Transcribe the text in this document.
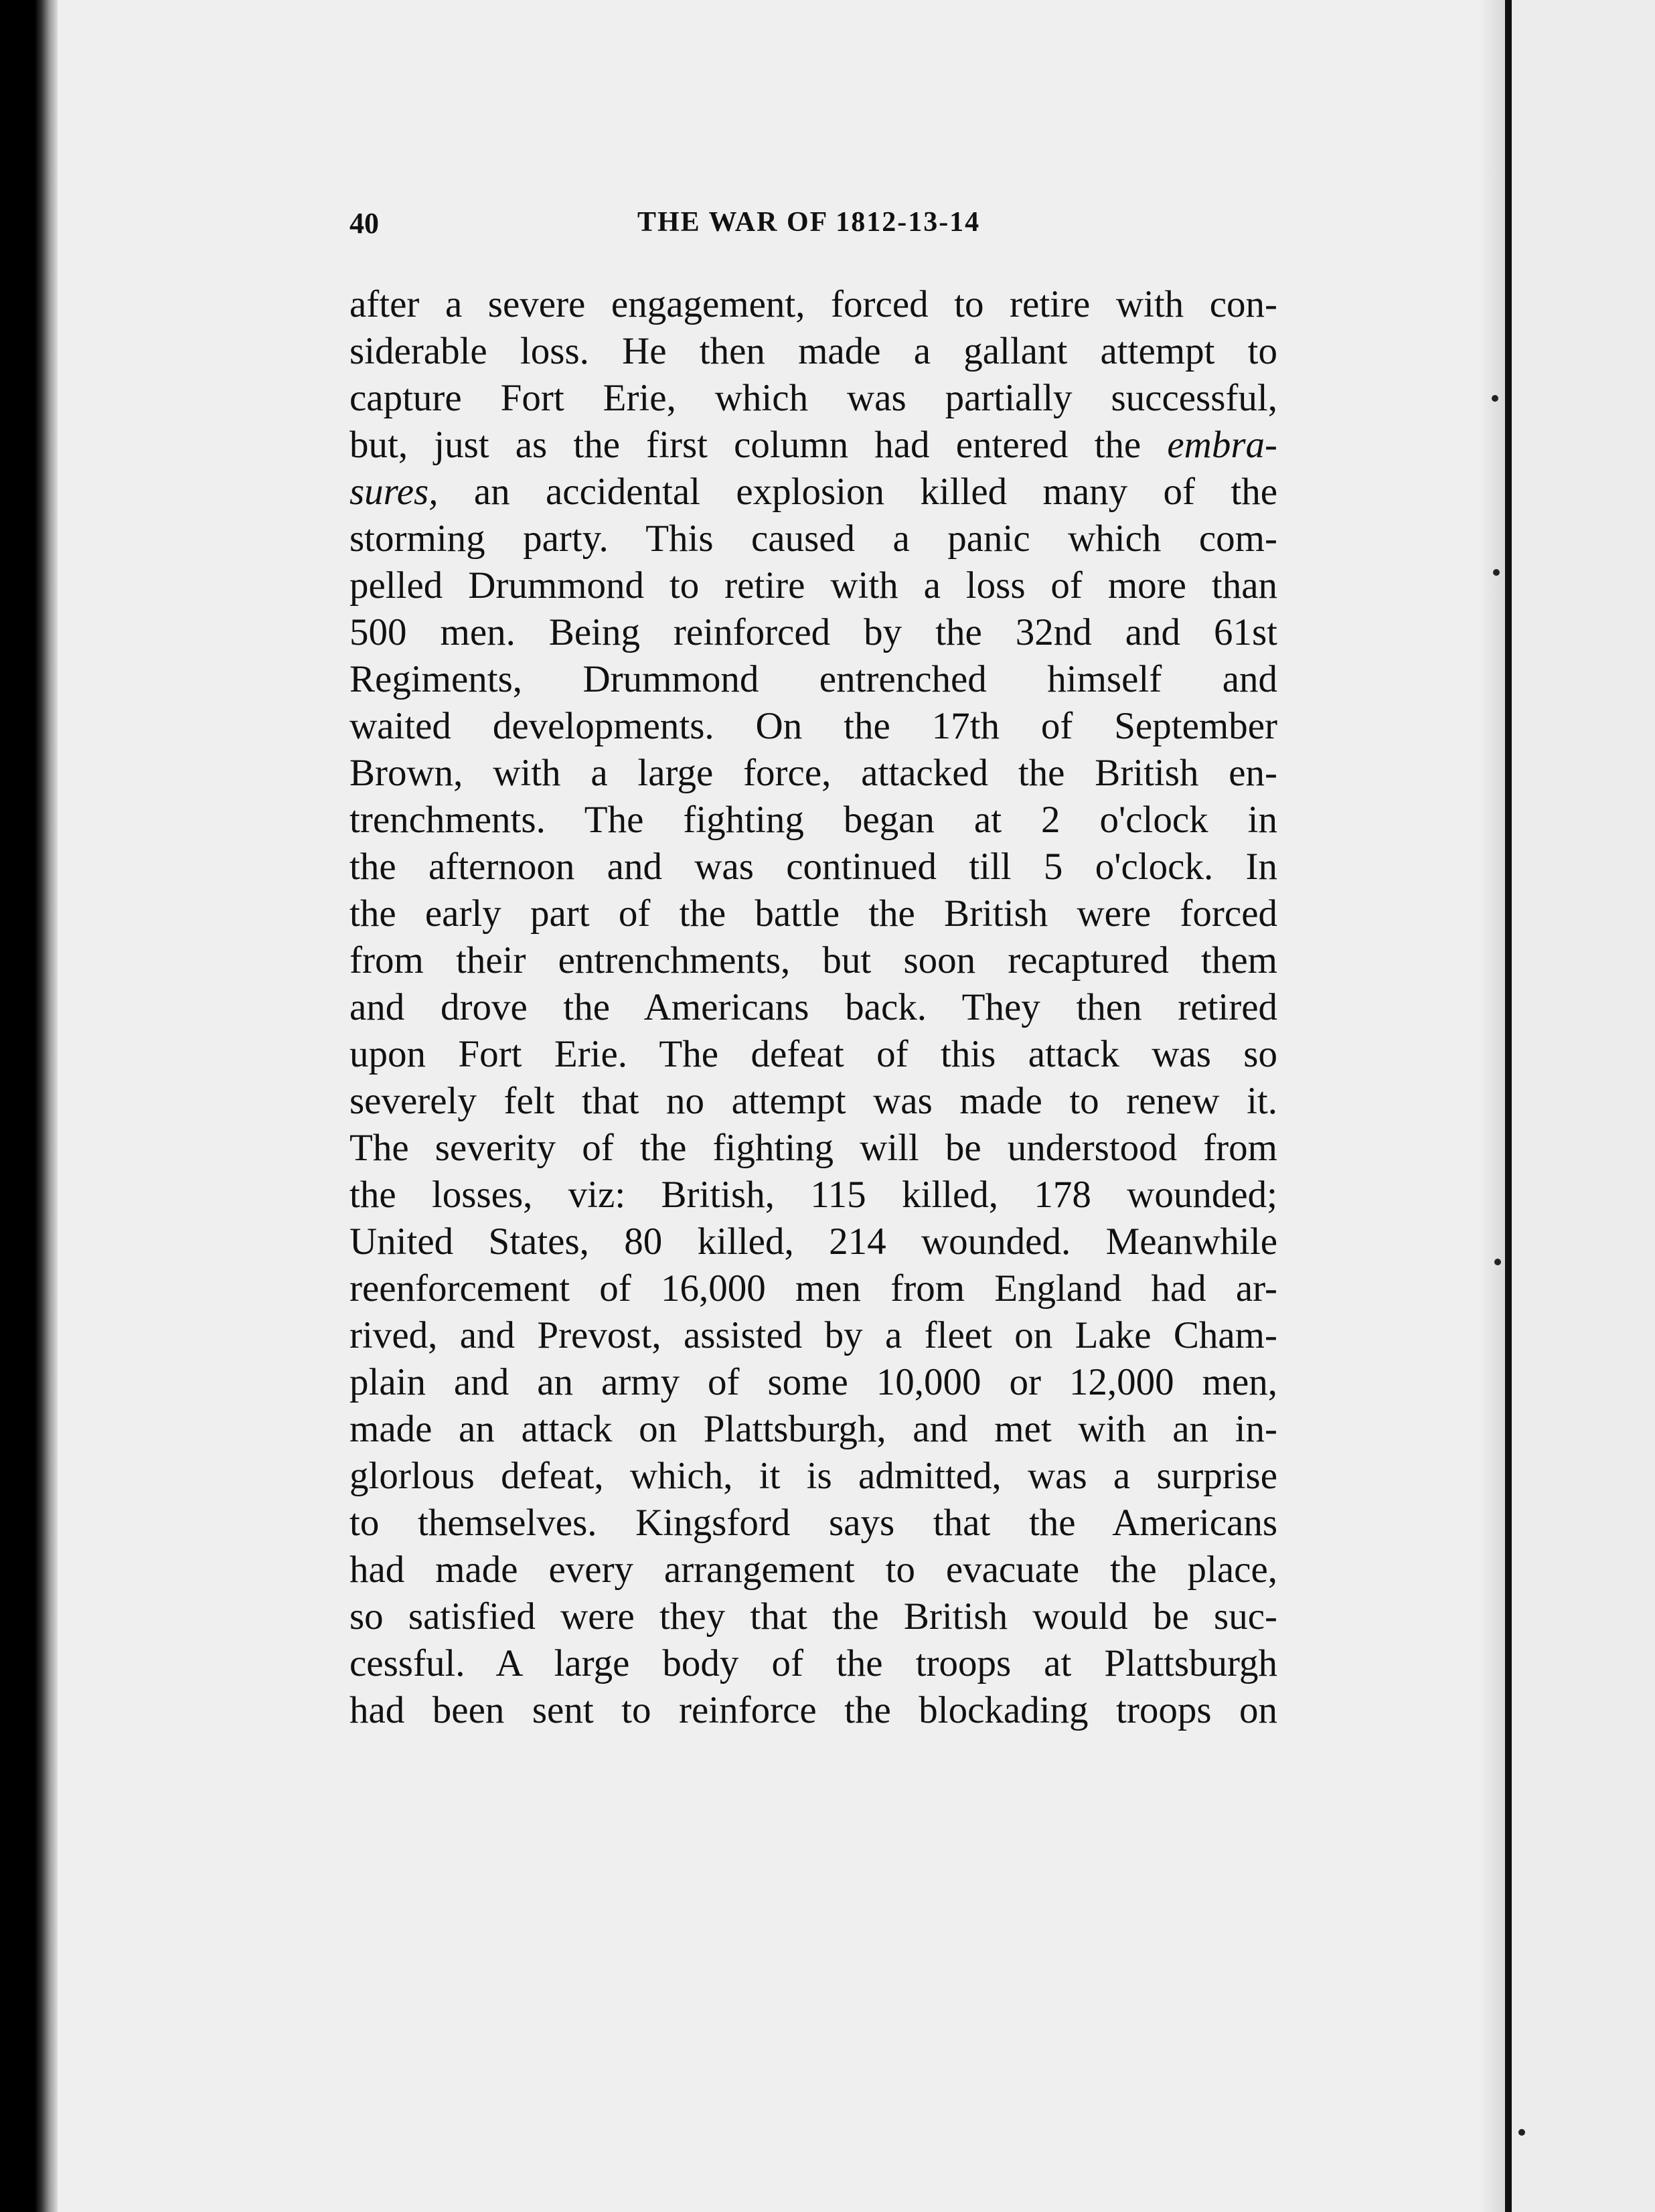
40	THE WAR OF 1812-13-14
after a severe engagement, forced to retire with con-
siderable loss. He then made a gallant attempt to
capture Fort Erie, which was partially successful,
but, just as the first column had entered the embra-
sures, an accidental explosion killed many of the
storming party. This caused a panic which com-
pelled Drummond to retire with a loss of more than
500 men. Being reinforced by the 32nd and 61st
Regiments, Drummond entrenched himself and
waited developments. On the 17th of September
Brown, with a large force, attacked the British en-
trenchments. The fighting began at 2 o'clock in
the afternoon and was continued till 5 o'clock. In
the early part of the battle the British were forced
from their entrenchments, but soon recaptured them
and drove the Americans back. They then retired
upon Fort Erie. The defeat of this attack was so
severely felt that no attempt was made to renew it.
The severity of the fighting will be understood from
the losses, viz: British, 115 killed, 178 wounded;
United States, 80 killed, 214 wounded. Meanwhile
reenforcement of 16,000 men from England had ar-
rived, and Prevost, assisted by a fleet on Lake Cham-
plain and an army of some 10,000 or 12,000 men,
made an attack on Plattsburgh, and met with an in-
glorlous defeat, which, it is admitted, was a surprise
to themselves. Kingsford says that the Americans
had made every arrangement to evacuate the place,
so satisfied were they that the British would be suc-
cessful. A large body of the troops at Plattsburgh
had been sent to reinforce the blockading troops on
